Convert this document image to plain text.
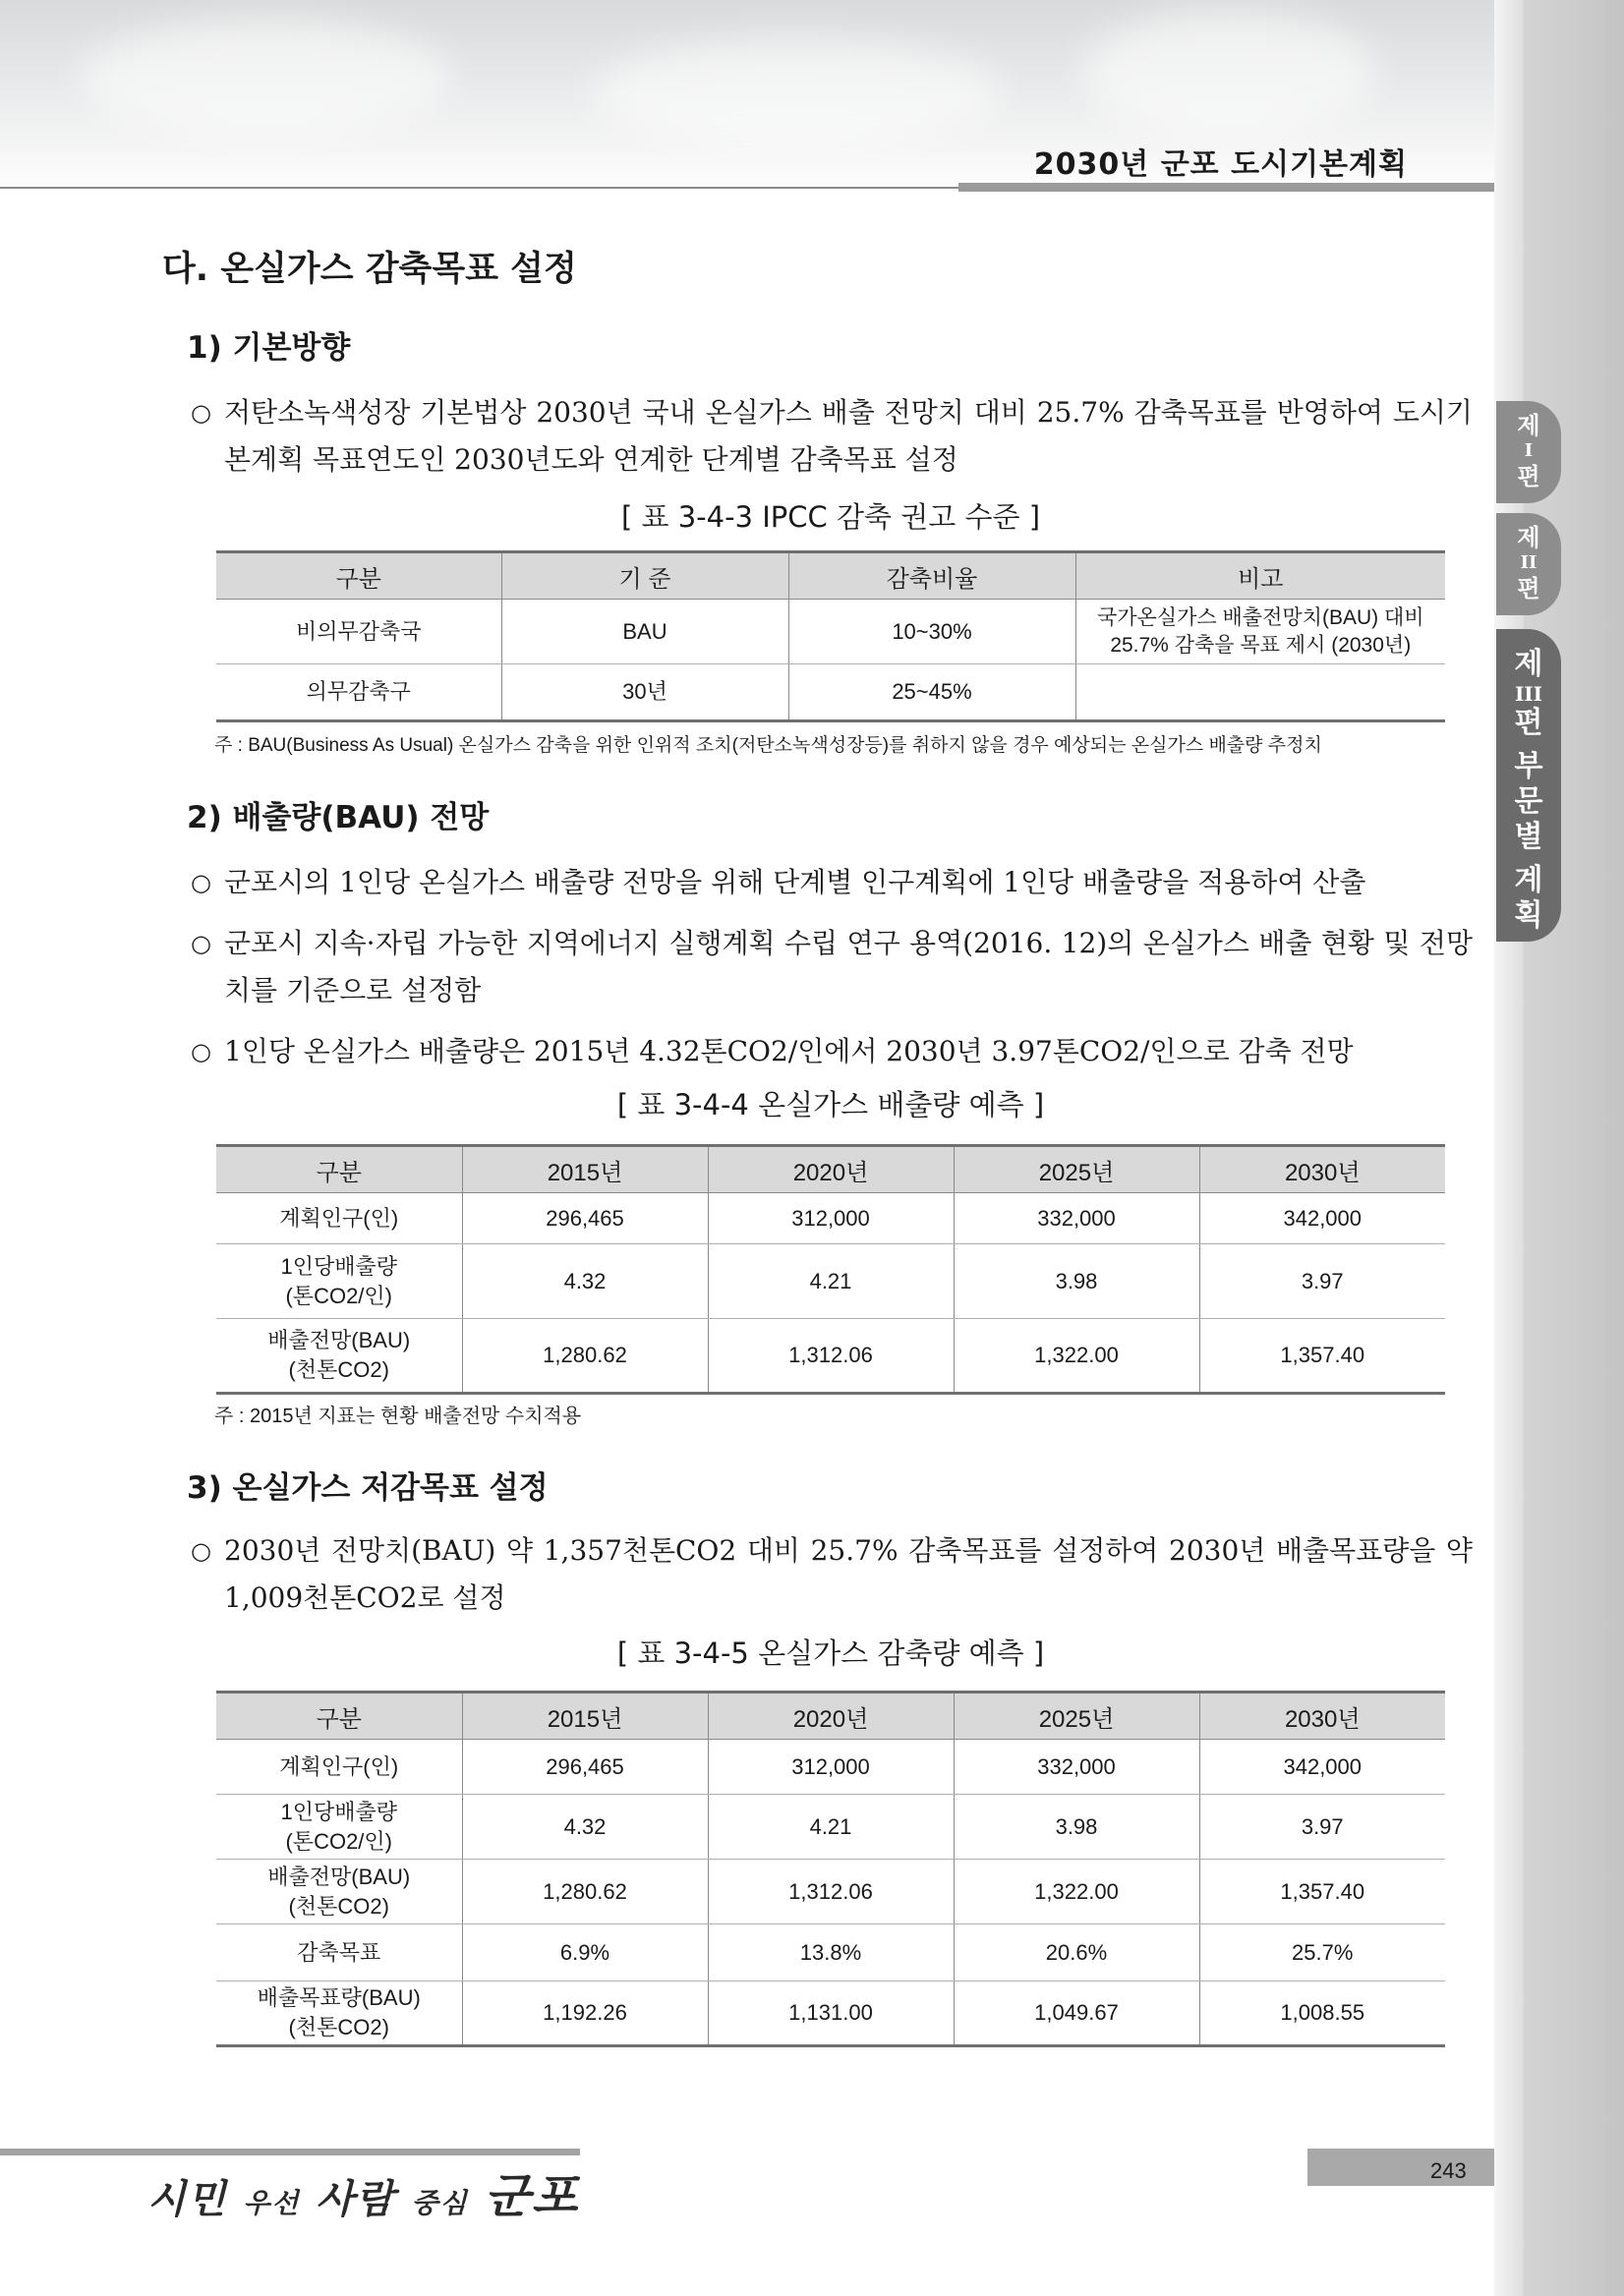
2030년 군포 도시기본계획
제
I
편
제
II
편
제
III
편
부
문
별
계
획
다. 온실가스 감축목표 설정
1) 기본방향
○ 저탄소녹색성장 기본법상 2030년 국내 온실가스 배출 전망치 대비 25.7% 감축목표를 반영하여 도시기본계획 목표연도인 2030년도와 연계한 단계별 감축목표 설정
[ 표 3-4-3 IPCC 감축 권고 수준 ]
구분	기 준	감축비율	비고
비의무감축국	BAU	10~30%	국가온실가스 배출전망치(BAU) 대비 25.7% 감축을 목표 제시 (2030년)
의무감축구	30년	25~45%	
주 : BAU(Business As Usual) 온실가스 감축을 위한 인위적 조치(저탄소녹색성장등)를 취하지 않을 경우 예상되는 온실가스 배출량 추정치
2) 배출량(BAU) 전망
○ 군포시의 1인당 온실가스 배출량 전망을 위해 단계별 인구계획에 1인당 배출량을 적용하여 산출
○ 군포시 지속·자립 가능한 지역에너지 실행계획 수립 연구 용역(2016. 12)의 온실가스 배출 현황 및 전망치를 기준으로 설정함
○ 1인당 온실가스 배출량은 2015년 4.32톤CO2/인에서 2030년 3.97톤CO2/인으로 감축 전망
[ 표 3-4-4 온실가스 배출량 예측 ]
구분	2015년	2020년	2025년	2030년
계획인구(인)	296,465	312,000	332,000	342,000
1인당배출량
(톤CO2/인)	4.32	4.21	3.98	3.97
배출전망(BAU)
(천톤CO2)	1,280.62	1,312.06	1,322.00	1,357.40
주 : 2015년 지표는 현황 배출전망 수치적용
3) 온실가스 저감목표 설정
○ 2030년 전망치(BAU) 약 1,357천톤CO2 대비 25.7% 감축목표를 설정하여 2030년 배출목표량을 약 1,009천톤CO2로 설정
[ 표 3-4-5 온실가스 감축량 예측 ]
구분	2015년	2020년	2025년	2030년
계획인구(인)	296,465	312,000	332,000	342,000
1인당배출량
(톤CO2/인)	4.32	4.21	3.98	3.97
배출전망(BAU)
(천톤CO2)	1,280.62	1,312.06	1,322.00	1,357.40
감축목표	6.9%	13.8%	20.6%	25.7%
배출목표량(BAU)
(천톤CO2)	1,192.26	1,131.00	1,049.67	1,008.55
243
시민 우선 사람 중심 군포
